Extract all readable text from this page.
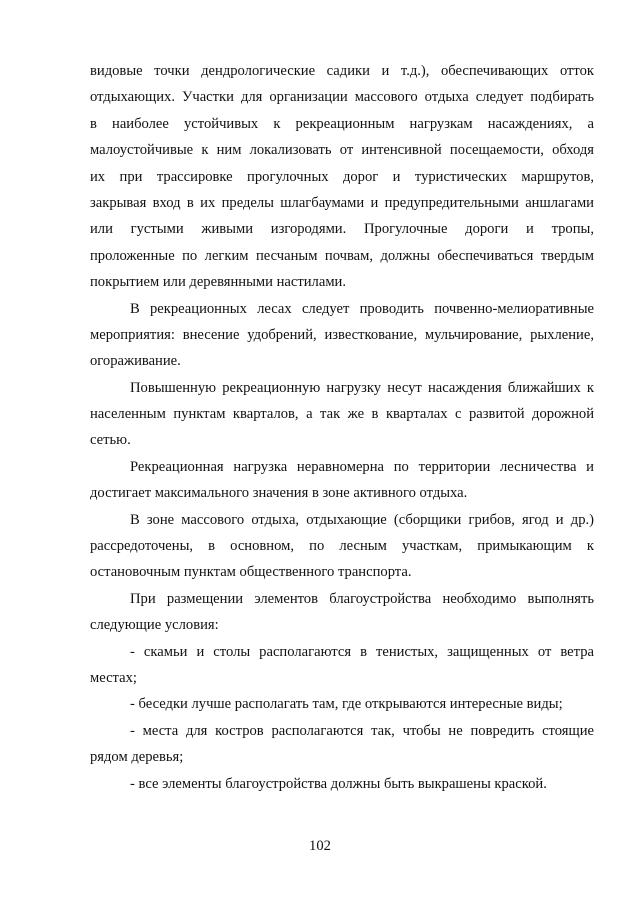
видовые точки дендрологические садики и т.д.), обеспечивающих отток
отдыхающих. Участки для организации массового отдыха следует подбирать
в наиболее устойчивых к рекреационным нагрузкам насаждениях, а
малоустойчивые к ним локализовать от интенсивной посещаемости, обходя
их при трассировке прогулочных дорог и туристических маршрутов,
закрывая вход в их пределы шлагбаумами и предупредительными аншлагами
или густыми живыми изгородями. Прогулочные дороги и тропы,
проложенные по легким песчаным почвам, должны обеспечиваться твердым
покрытием или деревянными настилами.
В рекреационных лесах следует проводить почвенно-мелиоративные
мероприятия: внесение удобрений, известкование, мульчирование, рыхление,
огораживание.
Повышенную рекреационную нагрузку несут насаждения ближайших к
населенным пунктам кварталов, а так же в кварталах с развитой дорожной
сетью.
Рекреационная нагрузка неравномерна по территории лесничества и
достигает максимального значения в зоне активного отдыха.
В зоне массового отдыха, отдыхающие (сборщики грибов, ягод и др.)
рассредоточены, в основном, по лесным участкам, примыкающим к
остановочным пунктам общественного транспорта.
При размещении элементов благоустройства необходимо выполнять
следующие условия:
- скамьи и столы располагаются в тенистых, защищенных от ветра
местах;
- беседки лучше располагать там, где открываются интересные виды;
- места для костров располагаются так, чтобы не повредить стоящие
рядом деревья;
- все элементы благоустройства должны быть выкрашены краской.
102
